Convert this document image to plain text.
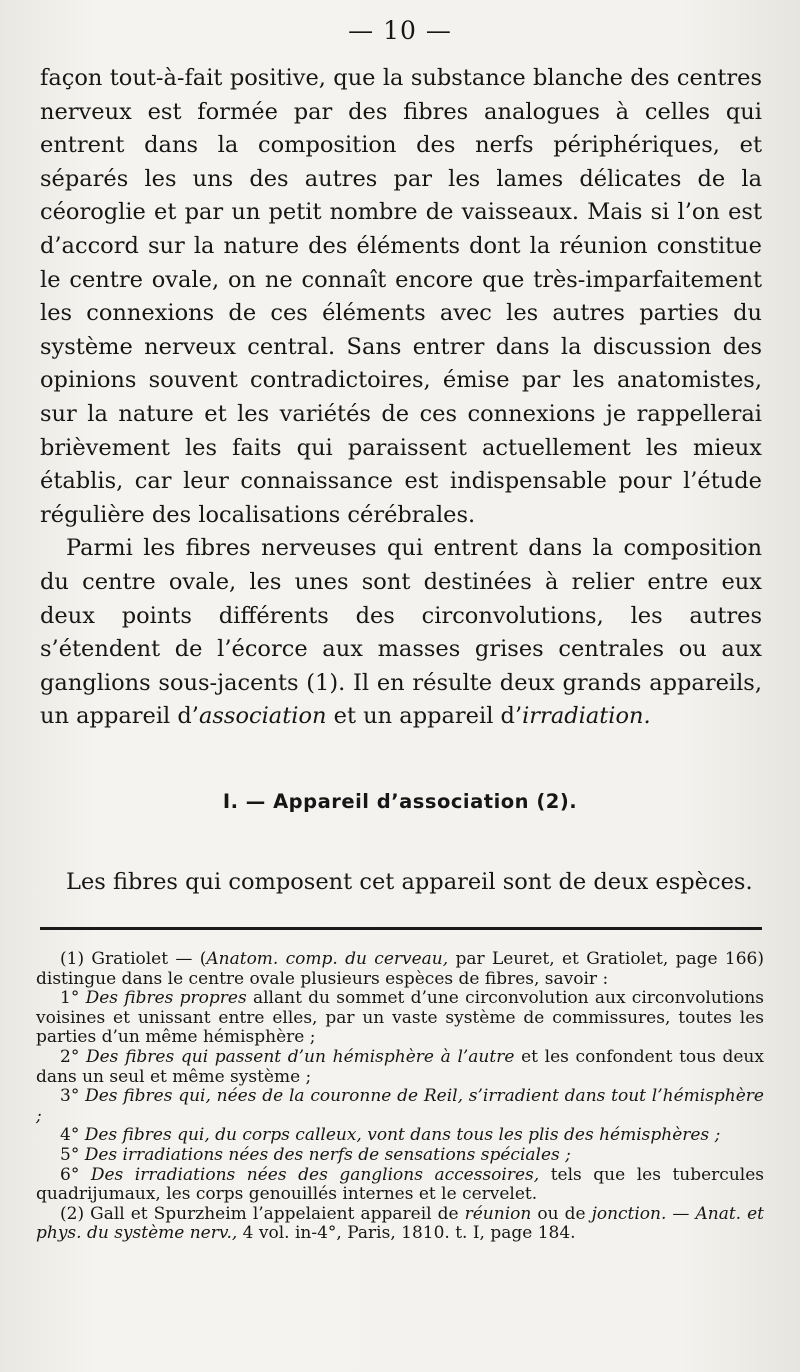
— 10 —

façon tout-à-fait positive, que la substance blanche des centres nerveux est formée par des fibres analogues à celles qui entrent dans la composition des nerfs périphériques, et séparés les uns des autres par les lames délicates de la céoroglie et par un petit nombre de vaisseaux. Mais si l’on est d’accord sur la nature des éléments dont la réunion constitue le centre ovale, on ne connaît encore que très-imparfaitement les connexions de ces éléments avec les autres parties du système nerveux central. Sans entrer dans la discussion des opinions souvent contradictoires, émise par les anatomistes, sur la nature et les variétés de ces connexions je rappellerai brièvement les faits qui paraissent actuellement les mieux établis, car leur connaissance est indispensable pour l’étude régulière des localisations cérébrales.

Parmi les fibres nerveuses qui entrent dans la composition du centre ovale, les unes sont destinées à relier entre eux deux points différents des circonvolutions, les autres s’étendent de l’écorce aux masses grises centrales ou aux ganglions sous-jacents (1). Il en résulte deux grands appareils, un appareil d’association et un appareil d’irradiation.

I. — Appareil d’association (2).

Les fibres qui composent cet appareil sont de deux espèces.

(1) Gratiolet — (Anatom. comp. du cerveau, par Leuret, et Gratiolet, page 166) distingue dans le centre ovale plusieurs espèces de fibres, savoir :

1° Des fibres propres allant du sommet d’une circonvolution aux circonvolutions voisines et unissant entre elles, par un vaste système de commissures, toutes les parties d’un même hémisphère ;

2° Des fibres qui passent d’un hémisphère à l’autre et les confondent tous deux dans un seul et même système ;

3° Des fibres qui, nées de la couronne de Reil, s’irradient dans tout l’hémisphère ;

4° Des fibres qui, du corps calleux, vont dans tous les plis des hémisphères ;

5° Des irradiations nées des nerfs de sensations spéciales ;

6° Des irradiations nées des ganglions accessoires, tels que les tubercules quadrijumaux, les corps genouillés internes et le cervelet.

(2) Gall et Spurzheim l’appelaient appareil de réunion ou de jonction. — Anat. et phys. du système nerv., 4 vol. in-4°, Paris, 1810. t. I, page 184.
